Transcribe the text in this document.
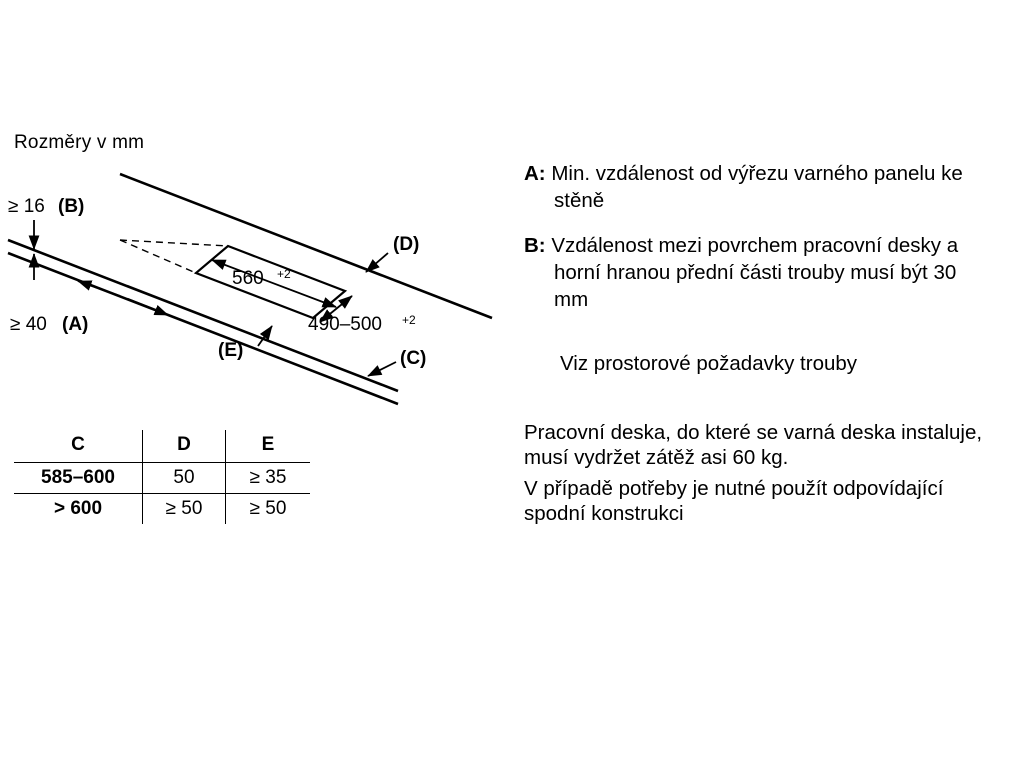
Rozměry v mm
≥ 16 (B)
≥ 40 (A)
560 +2
490–500 +2
(D)
(C)
(E)
C	D	E
585–600	50	≥ 35
> 600	≥ 50	≥ 50
A: Min. vzdálenost od výřezu varného panelu ke stěně
B: Vzdálenost mezi povrchem pracovní desky a horní hranou přední části trouby musí být 30 mm
Viz prostorové požadavky trouby
Pracovní deska, do které se varná deska instaluje, musí vydržet zátěž asi 60 kg.
V případě potřeby je nutné použít odpovídající spodní konstrukci
